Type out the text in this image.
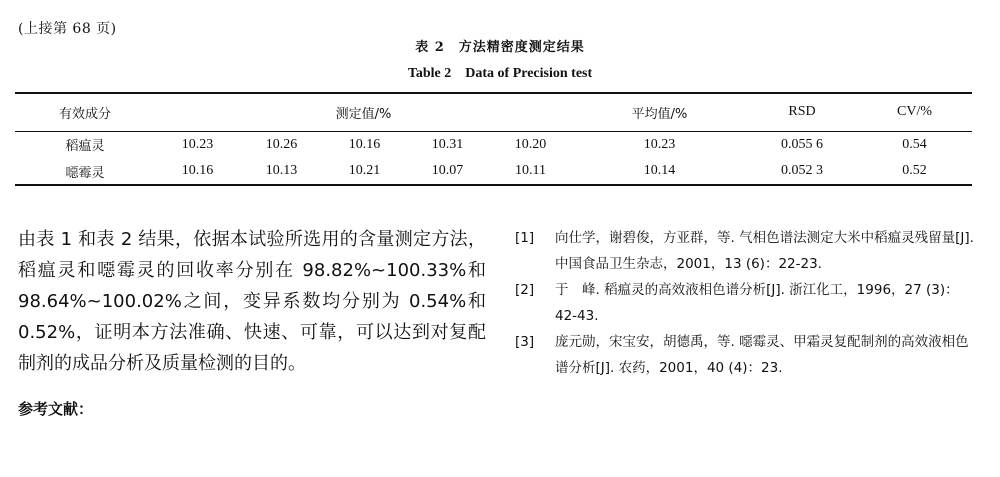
(上接第 68 页)
表 2　方法精密度测定结果
Table 2　Data of Precision test
有效成分	测定值/%					平均值/%	RSD	CV/%
稻瘟灵	10.23	10.26	10.16	10.31	10.20	10.23	0.055 6	0.54
噁霉灵	10.16	10.13	10.21	10.07	10.11	10.14	0.052 3	0.52
由表 1 和表 2 结果，依据本试验所选用的含量测定方法，稻瘟灵和噁霉灵的回收率分别在 98.82%~100.33%和 98.64%~100.02%之间，变异系数均分别为 0.54%和 0.52%，证明本方法准确、快速、可靠，可以达到对复配制剂的成品分析及质量检测的目的。
参考文献：
[1]	向仕学，谢碧俊，方亚群，等. 气相色谱法测定大米中稻瘟灵残留量[J]. 中国食品卫生杂志，2001，13 (6)：22-23.
[2]	于　峰. 稻瘟灵的高效液相色谱分析[J]. 浙江化工，1996，27 (3)：42-43.
[3]	庞元勋，宋宝安，胡德禹，等. 噁霉灵、甲霜灵复配制剂的高效液相色谱分析[J]. 农药，2001，40 (4)：23.
